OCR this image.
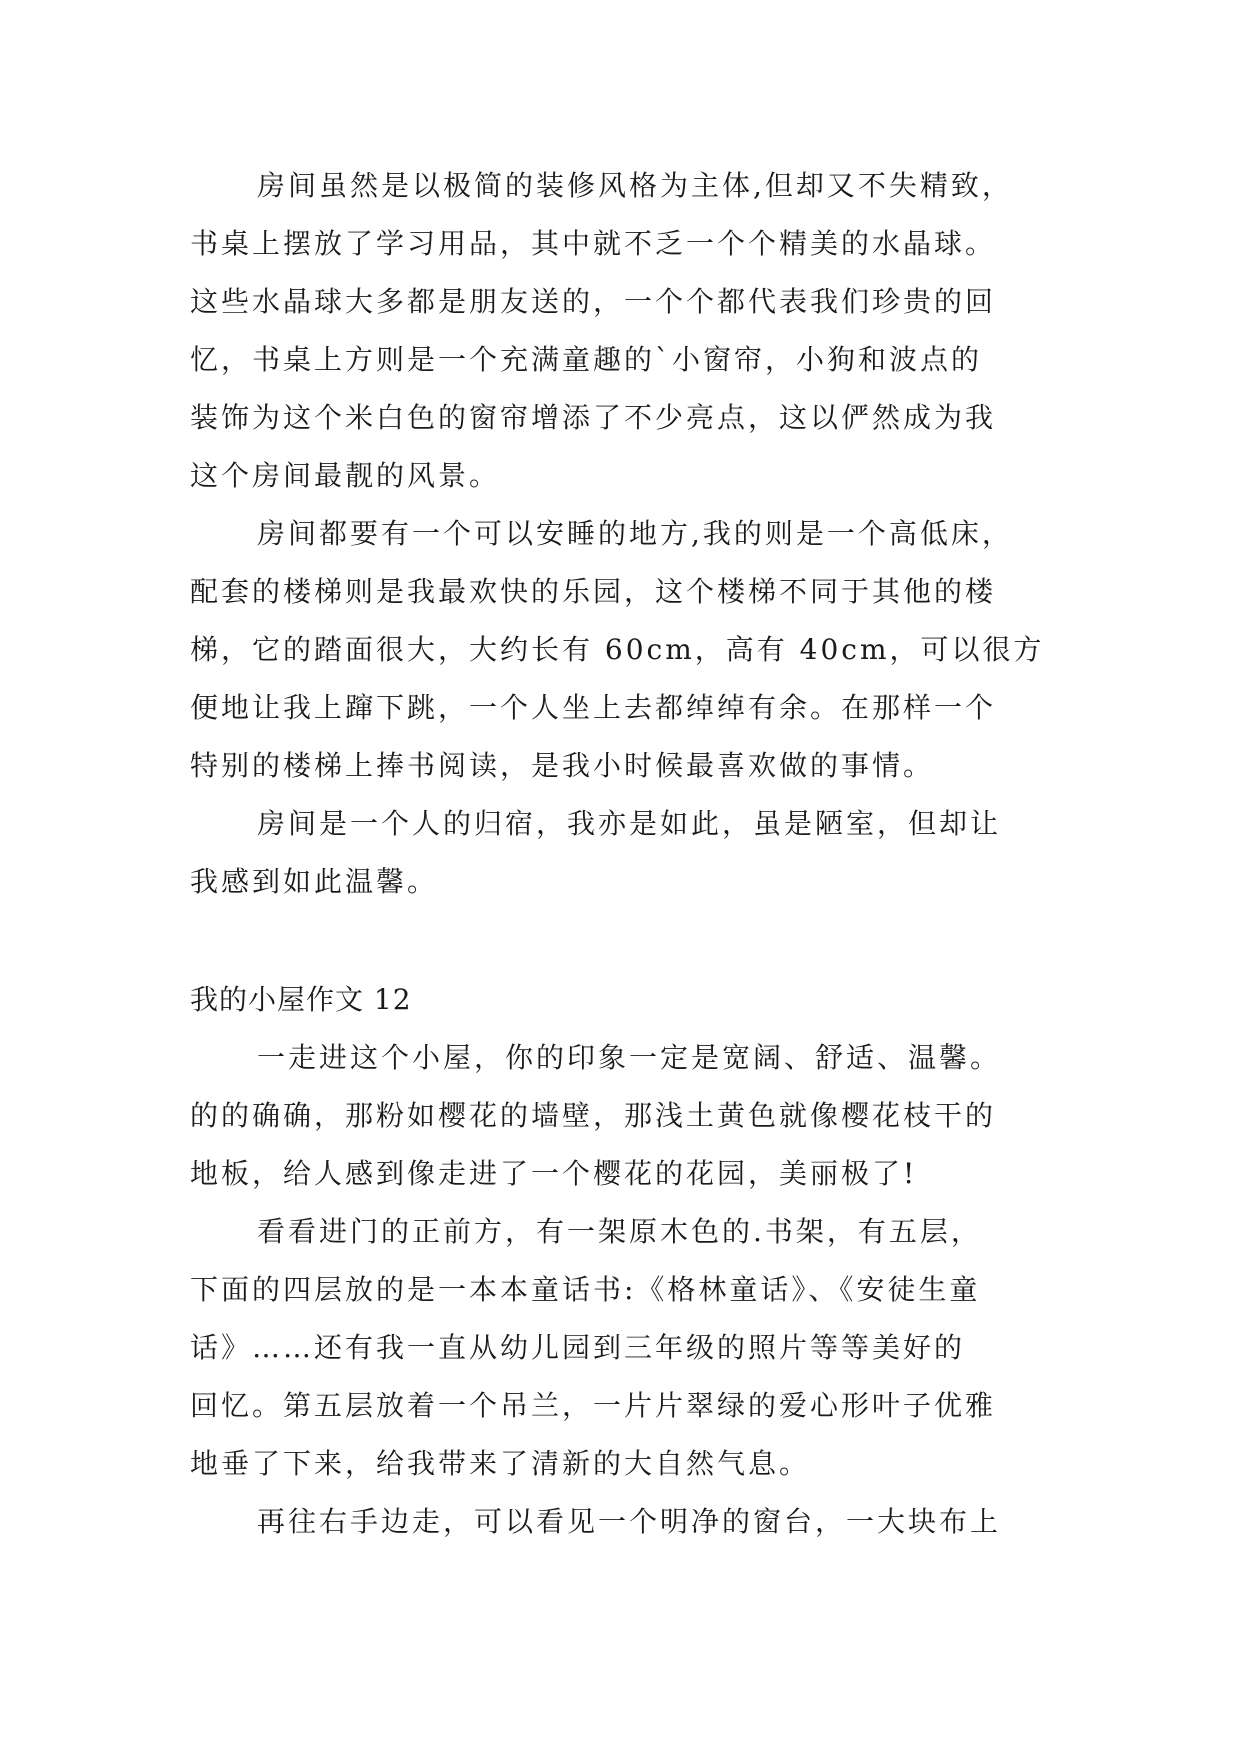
房间虽然是以极简的装修风格为主体,但却又不失精致，

书桌上摆放了学习用品，其中就不乏一个个精美的水晶球。

这些水晶球大多都是朋友送的，一个个都代表我们珍贵的回

忆，书桌上方则是一个充满童趣的`小窗帘，小狗和波点的

装饰为这个米白色的窗帘增添了不少亮点，这以俨然成为我

这个房间最靓的风景。

房间都要有一个可以安睡的地方,我的则是一个高低床，

配套的楼梯则是我最欢快的乐园，这个楼梯不同于其他的楼

梯，它的踏面很大，大约长有 60cm，高有 40cm，可以很方

便地让我上蹿下跳，一个人坐上去都绰绰有余。在那样一个

特别的楼梯上捧书阅读，是我小时候最喜欢做的事情。

房间是一个人的归宿，我亦是如此，虽是陋室，但却让

我感到如此温馨。

我的小屋作文 12

一走进这个小屋，你的印象一定是宽阔、舒适、温馨。

的的确确，那粉如樱花的墙壁，那浅土黄色就像樱花枝干的

地板，给人感到像走进了一个樱花的花园，美丽极了!

看看进门的正前方，有一架原木色的.书架，有五层，

下面的四层放的是一本本童话书:《格林童话》、《安徒生童

话》……还有我一直从幼儿园到三年级的照片等等美好的

回忆。第五层放着一个吊兰，一片片翠绿的爱心形叶子优雅

地垂了下来，给我带来了清新的大自然气息。

再往右手边走，可以看见一个明净的窗台，一大块布上
